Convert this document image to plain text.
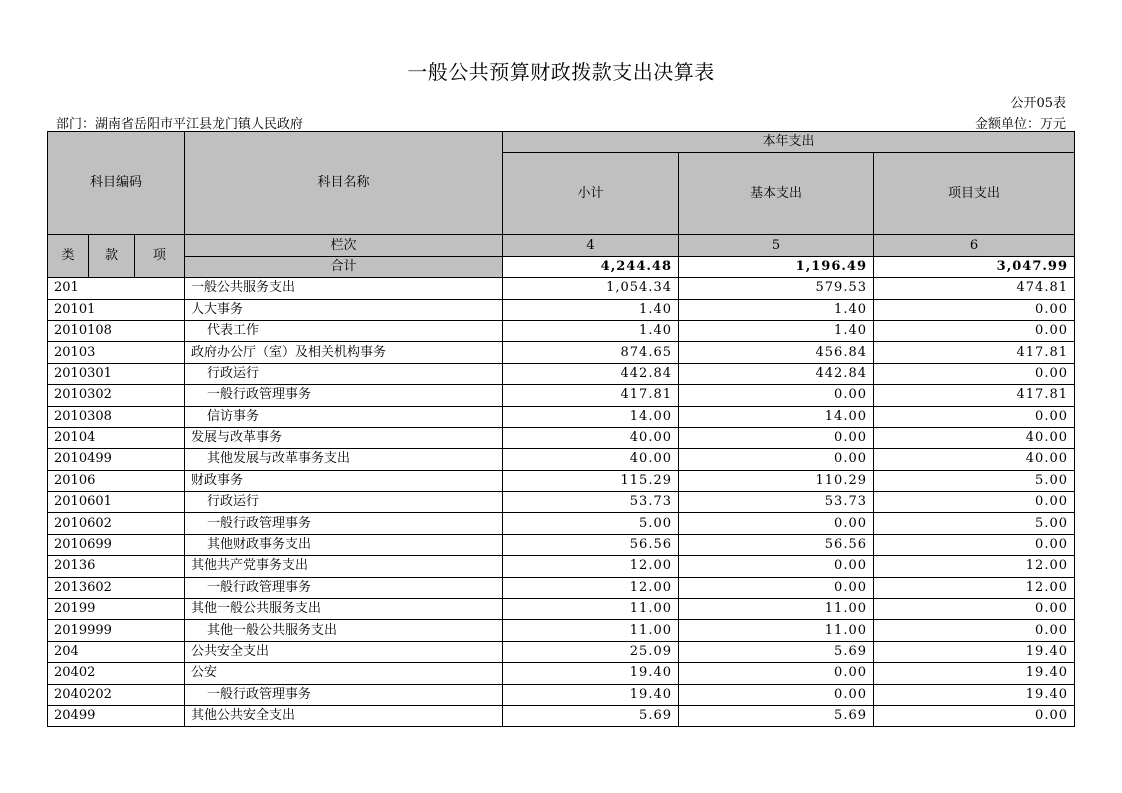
一般公共预算财政拨款支出决算表
公开05表
部门：湖南省岳阳市平江县龙门镇人民政府	金额单位：万元
科目编码			科目名称	本年支出		
				小计	基本支出	项目支出
类	款	项	栏次	4	5	6
			合计	4,244.48	1,196.49	3,047.99
201			一般公共服务支出	1,054.34	579.53	474.81
20101			人大事务	1.40	1.40	0.00
2010108			代表工作	1.40	1.40	0.00
20103			政府办公厅（室）及相关机构事务	874.65	456.84	417.81
2010301			行政运行	442.84	442.84	0.00
2010302			一般行政管理事务	417.81	0.00	417.81
2010308			信访事务	14.00	14.00	0.00
20104			发展与改革事务	40.00	0.00	40.00
2010499			其他发展与改革事务支出	40.00	0.00	40.00
20106			财政事务	115.29	110.29	5.00
2010601			行政运行	53.73	53.73	0.00
2010602			一般行政管理事务	5.00	0.00	5.00
2010699			其他财政事务支出	56.56	56.56	0.00
20136			其他共产党事务支出	12.00	0.00	12.00
2013602			一般行政管理事务	12.00	0.00	12.00
20199			其他一般公共服务支出	11.00	11.00	0.00
2019999			其他一般公共服务支出	11.00	11.00	0.00
204			公共安全支出	25.09	5.69	19.40
20402			公安	19.40	0.00	19.40
2040202			一般行政管理事务	19.40	0.00	19.40
20499			其他公共安全支出	5.69	5.69	0.00
